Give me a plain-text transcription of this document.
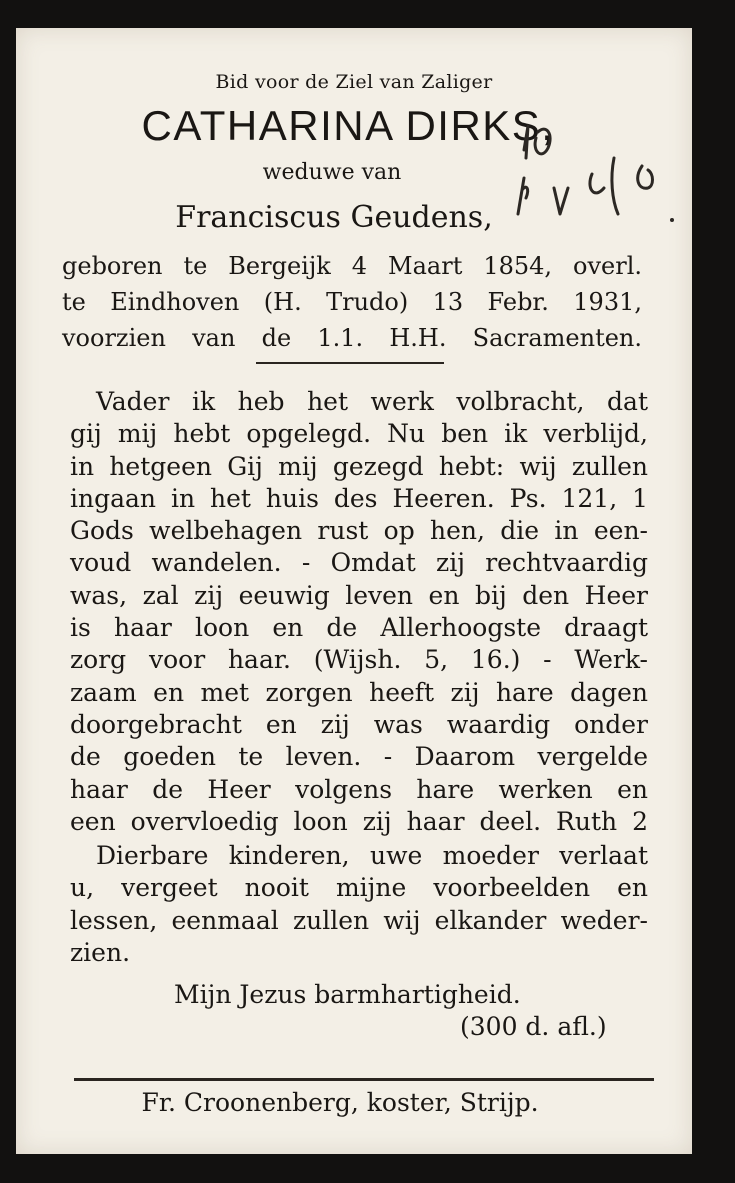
Bid voor de Ziel van Zaliger
CATHARINA DIRKS,
weduwe van
Franciscus Geudens,
geboren te Bergeijk 4 Maart 1854, overl.
te Eindhoven (H. Trudo) 13 Febr. 1931,
voorzien van de 1.1. H.H. Sacramenten.
Vader ik heb het werk volbracht, dat
gij mij hebt opgelegd. Nu ben ik verblijd,
in hetgeen Gij mij gezegd hebt: wij zullen
ingaan in het huis des Heeren. Ps. 121, 1
Gods welbehagen rust op hen, die in een-
voud wandelen. - Omdat zij rechtvaardig
was, zal zij eeuwig leven en bij den Heer
is haar loon en de Allerhoogste draagt
zorg voor haar. (Wijsh. 5, 16.) - Werk-
zaam en met zorgen heeft zij hare dagen
doorgebracht en zij was waardig onder
de goeden te leven. - Daarom vergelde
haar de Heer volgens hare werken en
een overvloedig loon zij haar deel. Ruth 2
Dierbare kinderen, uwe moeder verlaat
u, vergeet nooit mijne voorbeelden en
lessen, eenmaal zullen wij elkander weder-
zien.
Mijn Jezus barmhartigheid.
(300 d. afl.)
Fr. Croonenberg, koster, Strijp.
